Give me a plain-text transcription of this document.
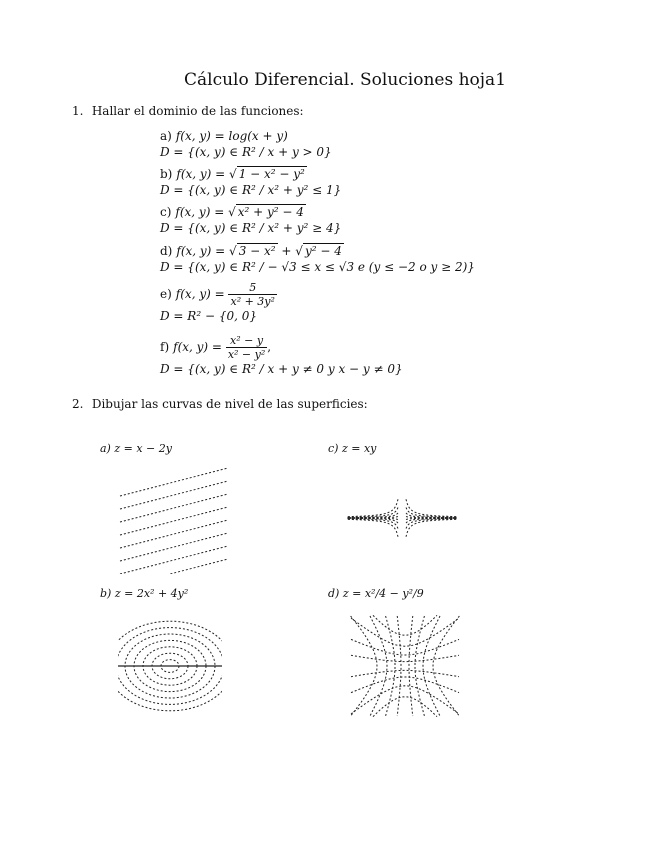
Cálculo Diferencial. Soluciones hoja1
1. Hallar el dominio de las funciones:
a) f(x, y) = log(x + y)
D = {(x, y) ∈ R² / x + y > 0}
b) f(x, y) = √ 1 − x² − y²
D = {(x, y) ∈ R² / x² + y² ≤ 1}
c) f(x, y) = √ x² + y² − 4
D = {(x, y) ∈ R² / x² + y² ≥ 4}
d) f(x, y) = √ 3 − x² + √ y² − 4
D = {(x, y) ∈ R² / − √3 ≤ x ≤ √3 e (y ≤ −2 o y ≥ 2)}
e) f(x, $y) = \frac{5}{\text{x² + 3y²}}$
D = R² − {0, 0}
f) f(x, $y) = \frac{\text{x² − y}}{\text{x² − y²}}$ ,
D = {(x, y) ∈ R² / x + y ≠ 0 y x − y ≠ 0}
2. Dibujar las curvas de nivel de las superficies:
a) z = x − 2y	c) z = xy
b) z = 2x² + 4y²	d) z = x²/4 − y²/9
